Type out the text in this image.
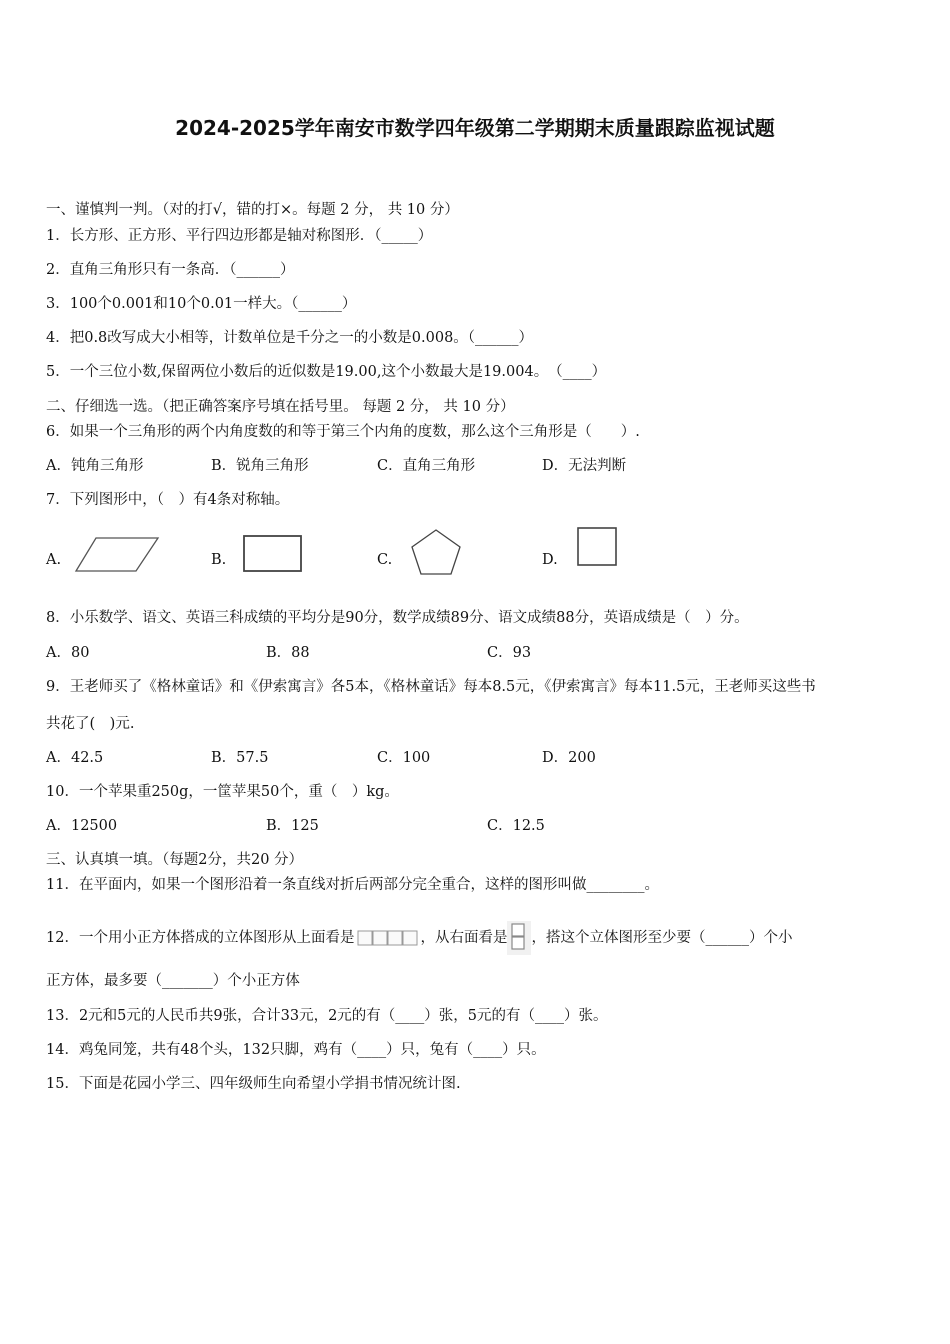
2024-2025学年南安市数学四年级第二学期期末质量跟踪监视试题
一、谨慎判一判。（对的打√，错的打×。每题 2 分， 共 10 分）
1．长方形、正方形、平行四边形都是轴对称图形．（_____）
2．直角三角形只有一条高．（______）
3．100个0.001和10个0.01一样大。（______）
4．把0.8改写成大小相等，计数单位是千分之一的小数是0.008。（______）
5．一个三位小数,保留两位小数后的近似数是19.00,这个小数最大是19.004。　（____）
二、仔细选一选。（把正确答案序号填在括号里。 每题 2 分， 共 10 分）
6．如果一个三角形的两个内角度数的和等于第三个内角的度数，那么这个三角形是（　　）.
A．钝角三角形	B．锐角三角形	C．直角三角形	D．无法判断
7．下列图形中，（　）有4条对称轴。
A.	B.	C.	D.
8．小乐数学、语文、英语三科成绩的平均分是90分，数学成绩89分、语文成绩88分，英语成绩是（　）分。
A．80	B．88	C．93
9．王老师买了《格林童话》和《伊索寓言》各5本，《格林童话》每本8.5元，《伊索寓言》每本11.5元，王老师买这些书
共花了(　)元.
A．42.5	B．57.5	C．100	D．200
10．一个苹果重250g，一筐苹果50个，重（　）kg。
A．12500	B．125	C．12.5
三、认真填一填。（每题2分，共20 分）
11．在平面内，如果一个图形沿着一条直线对折后两部分完全重合，这样的图形叫做________。
12．一个用小正方体搭成的立体图形从上面看是	，从右面看是 ，搭这个立体图形至少要（______）个小
正方体，最多要（_______）个小正方体
13．2元和5元的人民币共9张，合计33元，2元的有（____）张，5元的有（____）张。
14．鸡兔同笼，共有48个头，132只脚，鸡有（____）只，兔有（____）只。
15．下面是花园小学三、四年级师生向希望小学捐书情况统计图.
